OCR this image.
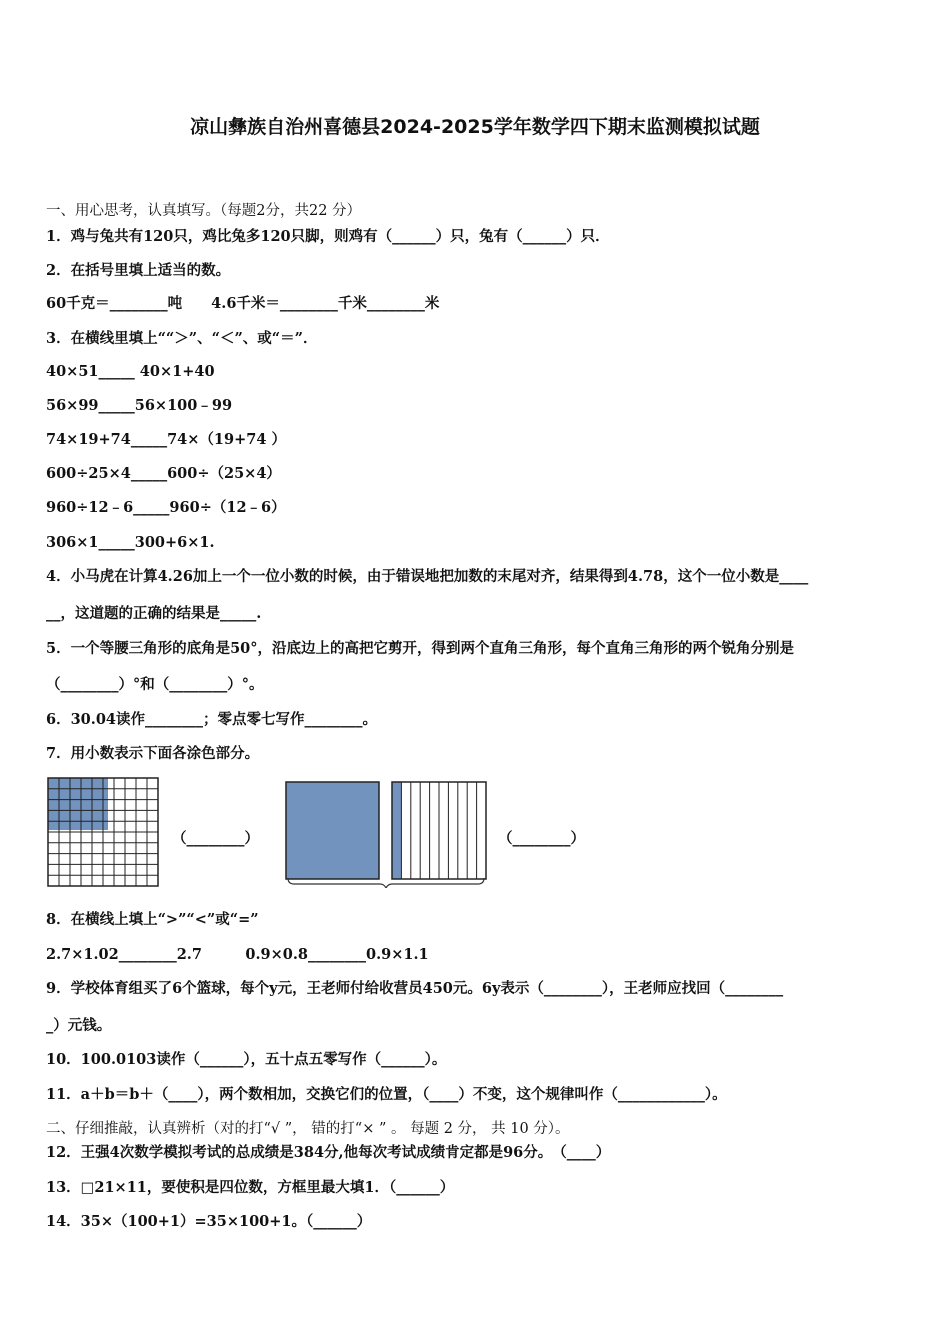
凉山彝族自治州喜德县2024-2025学年数学四下期末监测模拟试题
一、用心思考，认真填写。（每题2分，共22 分）
1．鸡与兔共有120只，鸡比兔多120只脚，则鸡有（______）只，兔有（______）只．
2．在括号里填上适当的数。
60千克＝________吨　　4.6千米＝________千米________米
3．在横线里填上““＞”、“＜”、或“＝”．
40×51_____ 40×1+40
56×99_____56×100﹣99
74×19+74_____74×（19+74 ）
600÷25×4_____600÷（25×4）
960÷12﹣6_____960÷（12﹣6）
306×1_____300+6×1.
4．小马虎在计算4.26加上一个一位小数的时候，由于错误地把加数的末尾对齐，结果得到4.78，这个一位小数是____
__，这道题的正确的结果是_____.
5．一个等腰三角形的底角是50°，沿底边上的高把它剪开，得到两个直角三角形，每个直角三角形的两个锐角分别是
（________）°和（________）°。
6．30.04读作________；零点零七写作________。
7．用小数表示下面各涂色部分。
（________）	（________）
8．在横线上填上“>”“<”或“=”
2.7×1.02________2.7　　　0.9×0.8________0.9×1.1
9．学校体育组买了6个篮球，每个y元，王老师付给收营员450元。6y表示（________），王老师应找回（________
_）元钱。
10．100.0103读作（______），五十点五零写作（______）。
11．a＋b＝b＋（____），两个数相加，交换它们的位置，（____）不变，这个规律叫作（____________）。
二、仔细推敲，认真辨析（对的打“√ ”， 错的打“× ” 。 每题 2 分， 共 10 分）。
12．王强4次数学模拟考试的总成绩是384分,他每次考试成绩肯定都是96分。　（____）
13．□21×11，要使积是四位数，方框里最大填1．（______）
14．35×（100+1）=35×100+1。（______）
